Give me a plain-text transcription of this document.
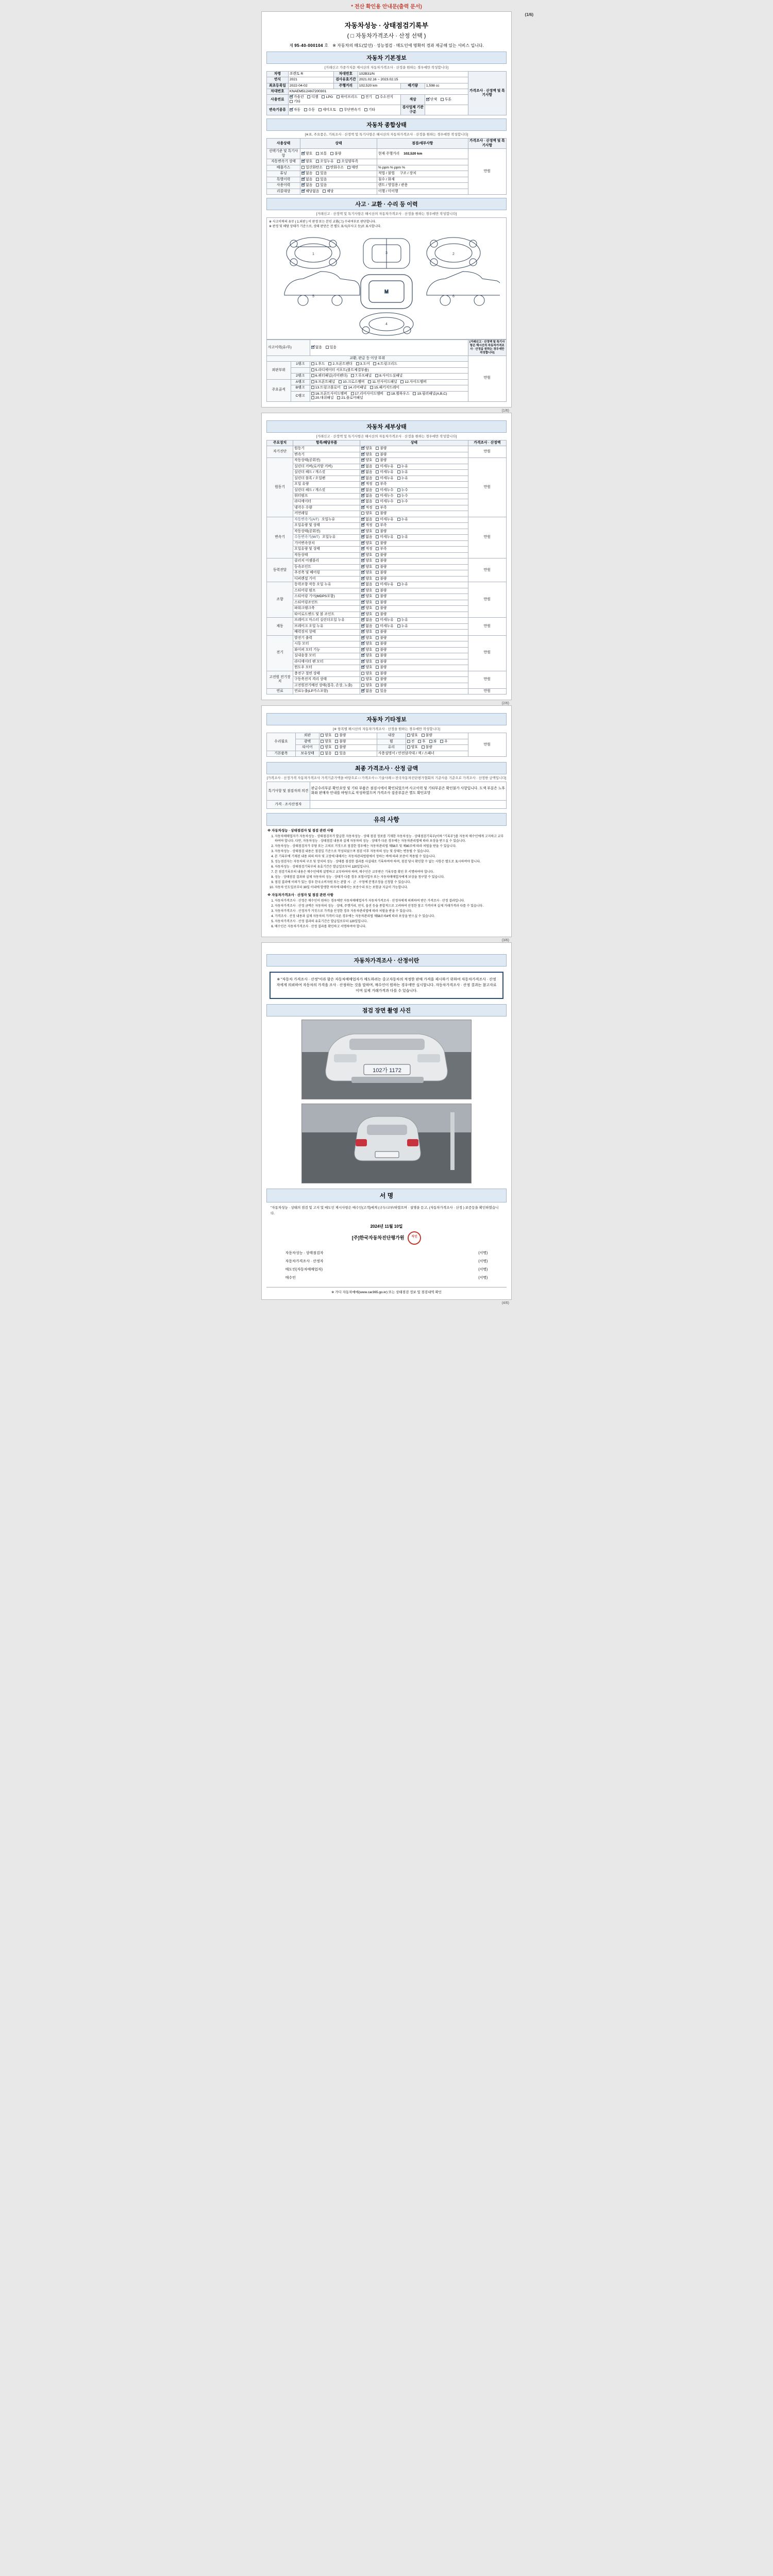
* 전산 확인용 안내문(출력 문서)
(1/6)
자동차성능 · 상태점검기록부
( □ 자동차가격조사 · 산정 선택 )
제 95-40-000104 호 ※ 자동차의 매도(알선) · 성능점검 · 매도인에 명확히 경과 제공해 있는 서비스 입니다.
자동차 기본정보
[거래신고 가중가치문 제시산의 자동차가격조사 · 산정을 원하는 경우에만 작성합니다]
차명	쏘렌토 R	차대번호	102B31/N			가격조사 · 산정액 및 특기사항
연식	2021	검사유효기간	2021.02.16 ~ 2023.02.15			
최초등록일	2022-04-02	주행거리	102,520 km	배기량	1,598 cc	
차대번호	KNAEM512AN7200301					
사용연료	가솔린 디젤 LPG 하이브리드 전기 수소전지 기타			색상	단색 투톤	
변속기종류	자동 수동 세미오토 무단변속기 기타			검사업체 기관구분		
자동차 종합상태
[※표, 주요품은, 기록조사 · 산정액 및 특기사항은 해시산의 자동차가격조사 · 산정을 원하는 경우에만 작성합니다]
사용상태	상태	점검/세부사항	가격조사 · 산정액 및 특기사항
선택기준 및 특기사항	양호 보통 불량	현재 주행거리 102,520 km	만원
자동변속기 상태	양호 오일누유 오일양부족		
배출가스	일산화탄소 탄화수소 매연	% ppm % ppm %	
튜닝	없음 있음	적법 / 불법 구조 / 장치	
특별이력	없음 있음	침수 / 화재	
사용이력	없음 있음	렌트 / 영업용 / 관용	
리콜대상	해당없음 해당	이행 / 미이행	
사고 · 교환 · 수리 등 이력
[거래신고 · 산정액 및 특기사항은 해시산의 자동차가격조사 · 산정을 원하는 경우에만 작성합니다]
※ 사고이력의 유무 ( 1.외판 ) 이 판정 또는 본인 교환(그) 수리여부로 판단합니다.
※ 판정 및 해당 상태가 기준으로, 상태 판단은 전 별도 표시(무사고 등)로 표시합니다.
M
1	2
3
4
5	6
사고이력(유/무)		없음 있음	[거래신고 · 산정액 및 특기사항은 해시산의 자동차가격조사 · 산정을 원하는 경우에만 작성합니다]
교환, 판금 등 이상 부위			만원
외판부위	1랭크	1.후드 2.프론트펜더 3.도어 4.트렁크리드	
		5.라디에이터 서포트(볼트체결부품)	
	2랭크	6.쿼터패널(리어펜더) 7.루프패널 8.사이드실패널	
주요골격	A랭크	9.프론트패널 10.크로스멤버 11.인사이드패널 12.사이드멤버	
	B랭크	13.트렁크플로어 14.리어패널 15.패키지트레이	
	C랭크	16.프론트사이드멤버 17.리어사이드멤버 18.휠하우스 19.필러패널(A,B,C) 20.대쉬패널 21.플로어패널	
(1/6)
자동차 세부상태
[거래신고 · 산정액 및 특기사항은 해시산의 자동차가격조사 · 산정을 원하는 경우에만 작성합니다]
주요장치	항목/해당부품	상태	가격조사 · 산정액
자기진단	원동기	양호 불량	만원
	변속기	양호 불량	
원동기	작동상태(공회전)	양호 불량	만원
	실린더 커버(로커암 커버)	없음 미세누유 누유	
	실린더 헤드 / 개스킷	없음 미세누유 누유	
	실린더 블록 / 오일팬	없음 미세누유 누유	
	오일 유량	적정 부족	
	실린더 헤드 / 개스킷	없음 미세누수 누수	
	워터펌프	없음 미세누수 누수	
	라디에이터	없음 미세누수 누수	
	냉각수 수량	적정 부족	
	커먼레일	양호 불량	
변속기	자동변속기(A/T) 오일누유	없음 미세누유 누유	만원
	오일유량 및 상태	적정 부족	
	작동상태(공회전)	양호 불량	
	수동변속기(M/T) 오일누유	없음 미세누유 누유	
	기어변속장치	양호 불량	
	오일유량 및 상태	적정 부족	
	작동상태	양호 불량	
동력전달	클러치 어셈블리	양호 불량	만원
	등속조인트	양호 불량	
	추진축 및 베어링	양호 불량	
	디퍼렌셜 기어	양호 불량	
조향	동력조향 작동 오일 누유	없음 미세누유 누유	만원
	스티어링 펌프	양호 불량	
	스티어링 기어(MDPS포함)	양호 불량	
	스티어링조인트	양호 불량	
	파워크랭크축	양호 불량	
	타이로드엔드 및 볼 조인트	양호 불량	
제동	브레이크 마스터 실린더오일 누유	없음 미세누유 누유	만원
	브레이크 오일 누유	없음 미세누유 누유	
	배력장치 상태	양호 불량	
전기	발전기 출력	양호 불량	만원
	시동 모터	양호 불량	
	와이퍼 모터 기능	양호 불량	
	실내송풍 모터	양호 불량	
	라디에이터 팬 모터	양호 불량	
	윈도우 모터	양호 불량	
고전원 전기장치	충전구 절연 상태	양호 불량	만원
	구동축전지 격리 상태	양호 불량	
	고전원전기배선 상태(접촉, 손상, 노출)	양호 불량	
연료	연료누출(LP가스포함)	없음 있음	만원
(2/6)
자동차 기타정보
[※ 항목별 해시산의 자동차가격조사 · 산정을 원하는 경우에만 작성합니다]
수리필요	외판	양호 불량	내장	양호 불량	만원
	광택	양호 불량	휠	전 후 좌 우	
	타이어	양호 불량	유리	양호 불량	
기본품목	보유상태	없음 있음	사용설명서 / 안전삼각대 / 잭 / 스패너		
최종 가격조사 · 산정 금액
[가격조사 · 산정가격 자동차가격조사 가격기준가액을 바탕으로 □ 가격조사 □ 기술사례 □ 전국자동차진단평가협회의 기준사용 기준으로 가격조사 · 산정한 금액입니다]
특기사항 및 점검자의 의견	판금수리부분 확인요망 및 기타 부품은 점검시에서 확인되었으며 사고이력 및 기타부분은 확인불가 사항입니다. 도색 부분은 노후화와 판매자 안내를 바탕으로 작성하였으며 가격조사 검증부분은 별도 확인요망
가격 · 조사산정자	
유의 사항
※ 자동차성능 · 상태점검자 및 점검 관련 사항
1. 자동차매매업자가 자동차성능 · 상태점검자가 발급한 자동차성능 · 상태 점검 정보를 기재한 자동차성능 · 상태점검기록부(이하 "기록부")를 자동차 매수인에게 고지하고 교부하여야 합니다. 다만, 자동차성능 · 상태점검 내용과 실제 자동차의 성능 · 상태가 다른 경우에는 자동차관리법에 따라 보상을 받으실 수 있습니다.
2. 자동차성능 · 상태점검자가 부당 또는 고의로 거짓으로 점검한 경우에는 자동차관리법 제58조 및 제80조에 따라 처벌을 받을 수 있습니다.
3. 자동차성능 · 상태점검 내용은 점검일 기준으로 작성되었으며 점검 이후 자동차의 성능 및 상태는 변동될 수 있습니다.
4. 본 기록부에 기재된 내용 외의 하자 및 고장에 대해서는 자동차관리법령에서 정하는 바에 따라 보증이 적용될 수 있습니다.
5. 성능점검자는 자동차의 구조 및 장치의 성능 · 상태를 점검한 결과를 사실대로 기록하여야 하며, 점검 당시 확인할 수 없는 사항은 별도로 표시하여야 합니다.
6. 자동차성능 · 상태점검기록부의 유효기간은 발급일로부터 120일입니다.
7. 본 점검기록부의 내용은 매수인에게 설명하고 교부하여야 하며, 매수인은 교부받은 기록부를 확인 후 서명하여야 합니다.
8. 성능 · 상태점검 결과와 실제 자동차의 성능 · 상태가 다를 경우 보험사업자 또는 자동차매매업자에게 보상을 청구할 수 있습니다.
9. 점검 결과에 이의가 있는 경우 한국소비자원 또는 관할 시 · 군 · 구청에 분쟁조정을 신청할 수 있습니다.
10. 자동차 인도일로부터 30일 이내에 발생한 하자에 대해서는 보증수리 또는 보험금 지급이 가능합니다.
※ 자동차가격조사 · 산정자 및 점검 관련 사항
1. 자동차가격조사 · 산정은 매수인이 원하는 경우에만 자동차매매업자가 자동차가격조사 · 산정자에게 의뢰하여 받은 가격조사 · 산정 결과입니다.
2. 자동차가격조사 · 산정 금액은 자동차의 성능 · 상태, 주행거리, 연식, 옵션 등을 종합적으로 고려하여 산정한 참고 가격이며 실제 거래가격과 다를 수 있습니다.
3. 자동차가격조사 · 산정자가 거짓으로 가격을 산정한 경우 자동차관리법에 따라 처벌을 받을 수 있습니다.
4. 가격조사 · 산정 내용과 실제 자동차의 가격이 다른 경우에는 자동차관리법 제58조의4에 따라 보상을 받으실 수 있습니다.
5. 자동차가격조사 · 산정 결과의 유효기간은 발급일로부터 120일입니다.
6. 매수인은 자동차가격조사 · 산정 결과를 확인하고 서명하여야 합니다.
(3/6)
자동차가격조사 · 산정이란
※ "자동차 가격조사 · 산정"이라 함은 자동차매매업자가 매도하려는 중고자동차의 적정한 판매 가격을 제시하기 위하여 자동차가격조사 · 산정자에게 의뢰하여 자동차의 가격을 조사 · 산정하는 것을 말하며, 매수인이 원하는 경우에만 실시합니다. 자동차가격조사 · 산정 결과는 참고자료이며 실제 거래가격과 다를 수 있습니다.
점검 장면 촬영 사진
102가 1172
서 명
"자동차성능 · 상태의 점검 및 고지 및 매도인 제시사항은 매수인(고객)에게 (구두/교부/하였으며 · 설명을 듣고, (자동차가격조사 · 산정 ) 보증등을 확인하였습니다.
2024년 11월 10일
[주]한국자동차진단평가원 직인
자동차성능 · 상태점검자	(서명)
자동차가격조사 · 산정자	(서명)
매도인(자동차매매업자)	(서명)
매수인	(서명)
※ 가디 자동차매매(www.car365.go.kr) 또는 상태점검 정보 및 점검내역 확인
(4/6)
